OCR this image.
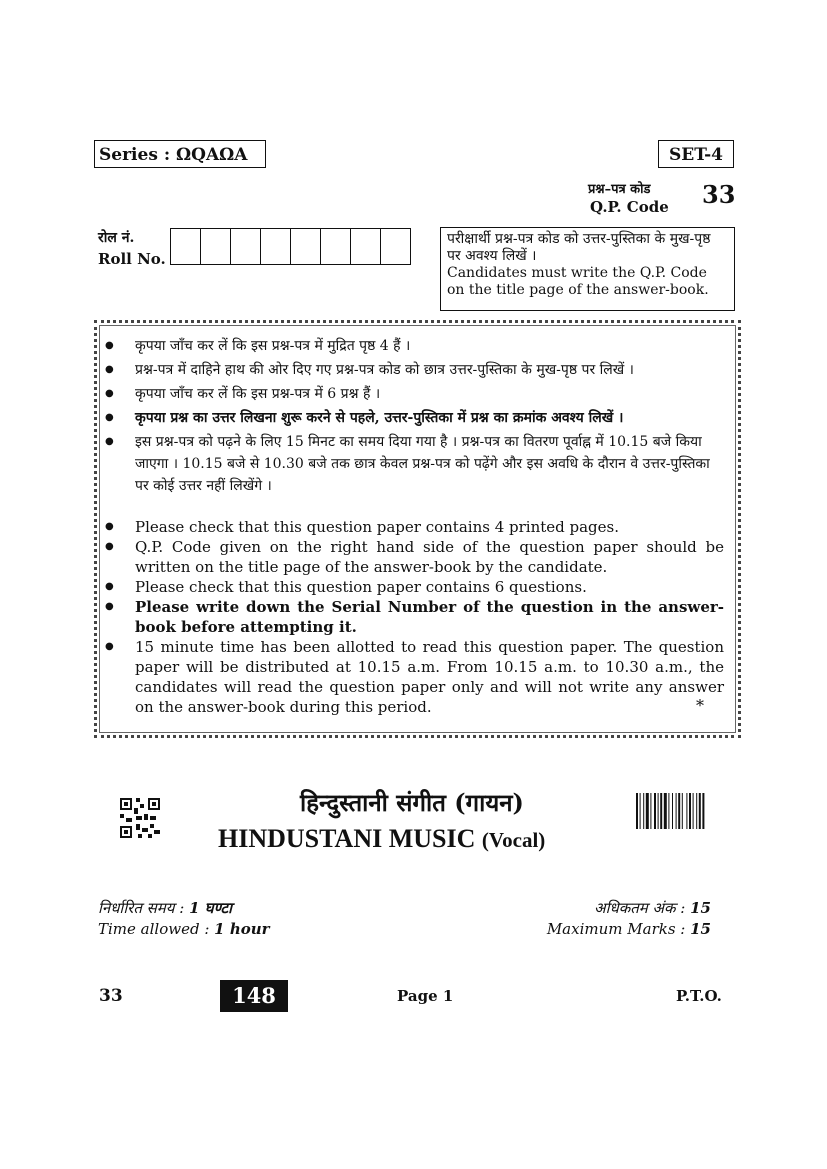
Series : ΩQAΩA	SET-4
प्रश्न–पत्र कोड
Q.P. Code 33
रोल नं.
Roll No.
परीक्षार्थी प्रश्न-पत्र कोड को उत्तर-पुस्तिका के मुख-पृष्ठ पर अवश्य लिखें ।
Candidates must write the Q.P. Code on the title page of the answer-book.
● कृपया जाँच कर लें कि इस प्रश्न-पत्र में मुद्रित पृष्ठ 4 हैं ।
● प्रश्न-पत्र में दाहिने हाथ की ओर दिए गए प्रश्न-पत्र कोड को छात्र उत्तर-पुस्तिका के मुख-पृष्ठ पर लिखें ।
● कृपया जाँच कर लें कि इस प्रश्न-पत्र में 6 प्रश्न हैं ।
● कृपया प्रश्न का उत्तर लिखना शुरू करने से पहले, उत्तर-पुस्तिका में प्रश्न का क्रमांक अवश्य लिखें ।
● इस प्रश्न-पत्र को पढ़ने के लिए 15 मिनट का समय दिया गया है । प्रश्न-पत्र का वितरण पूर्वाह्न में 10.15 बजे किया जाएगा । 10.15 बजे से 10.30 बजे तक छात्र केवल प्रश्न-पत्र को पढ़ेंगे और इस अवधि के दौरान वे उत्तर-पुस्तिका पर कोई उत्तर नहीं लिखेंगे ।
● Please check that this question paper contains 4 printed pages.
● Q.P. Code given on the right hand side of the question paper should be written on the title page of the answer-book by the candidate.
● Please check that this question paper contains 6 questions.
● Please write down the Serial Number of the question in the answer-book before attempting it.
● 15 minute time has been allotted to read this question paper. The question paper will be distributed at 10.15 a.m. From 10.15 a.m. to 10.30 a.m., the candidates will read the question paper only and will not write any answer on the answer-book during this period.	*
हिन्दुस्तानी संगीत (गायन)
HINDUSTANI MUSIC (Vocal)
निर्धारित समय : 1 घण्टा	अधिकतम अंक : 15
Time allowed : 1 hour	Maximum Marks : 15
33	148	Page 1	P.T.O.
